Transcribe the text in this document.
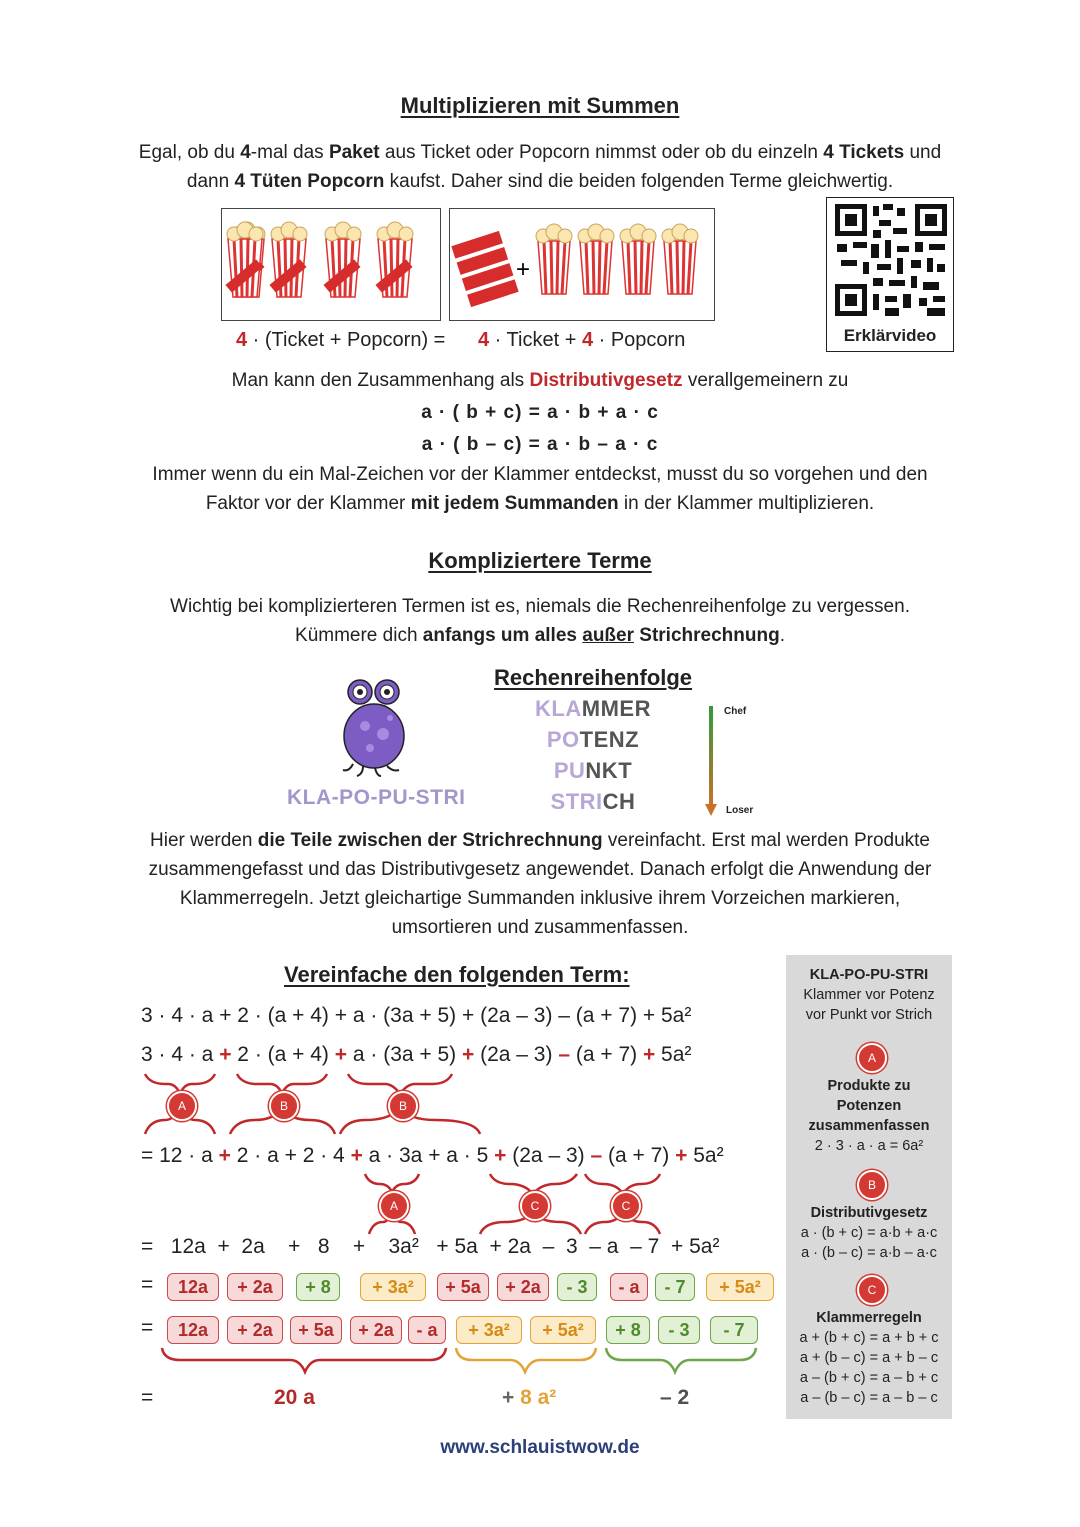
Multiplizieren mit Summen
Egal, ob du 4-mal das Paket aus Ticket oder Popcorn nimmst oder ob du einzeln 4 Tickets und
dann 4 Tüten Popcorn kaufst. Daher sind die beiden folgenden Terme gleichwertig.
+
Erklärvideo
4 · (Ticket + Popcorn) = 4 · Ticket + 4 · Popcorn
Man kann den Zusammenhang als Distributivgesetz verallgemeinern zu
a · ( b + c) = a · b + a · c
a · ( b – c) = a · b – a · c
Immer wenn du ein Mal-Zeichen vor der Klammer entdeckst, musst du so vorgehen und den
Faktor vor der Klammer mit jedem Summanden in der Klammer multiplizieren.
Kompliziertere Terme
Wichtig bei komplizierteren Termen ist es, niemals die Rechenreihenfolge zu vergessen.
Kümmere dich anfangs um alles außer Strichrechnung.
KLA-PO-PU-STRI
Rechenreihenfolge
KLAMMER
POTENZ
PUNKT
STRICH
Chef
Loser
Hier werden die Teile zwischen der Strichrechnung vereinfacht. Erst mal werden Produkte
zusammengefasst und das Distributivgesetz angewendet. Danach erfolgt die Anwendung der
Klammerregeln. Jetzt gleichartige Summanden inklusive ihrem Vorzeichen markieren,
umsortieren und zusammenfassen.
Vereinfache den folgenden Term:
3 · 4 · a + 2 · (a + 4) + a · (3a + 5) + (2a – 3) – (a + 7) + 5a²
3 · 4 · a + 2 · (a + 4) + a · (3a + 5) + (2a – 3) – (a + 7) + 5a²
A	B	B
= 12 · a + 2 · a + 2 · 4 + a · 3a + a · 5 + (2a – 3) – (a + 7) + 5a²
A	C	C
=   12a  +  2a    +   8    +    3a²   + 5a  + 2a  –  3  – a  – 7  + 5a²
=	12a	+ 2a	+ 8	+ 3a²	+ 5a	+ 2a	- 3	- a	- 7	+ 5a²
=	12a	+ 2a	+ 5a	+ 2a	- a	+ 3a²	+ 5a²	+ 8	- 3	- 7
=	20 a	+ 8 a²	– 2
KLA-PO-PU-STRI
Klammer vor Potenz
vor Punkt vor Strich
A
Produkte zu
Potenzen
zusammenfassen
2 · 3 · a · a = 6a²
B
Distributivgesetz
a · (b + c) = a·b + a·c
a · (b – c) = a·b – a·c
C
Klammerregeln
a + (b + c) = a + b + c
a + (b – c) = a + b – c
a – (b + c) = a – b + c
a – (b – c) = a – b – c
www.schlauistwow.de
